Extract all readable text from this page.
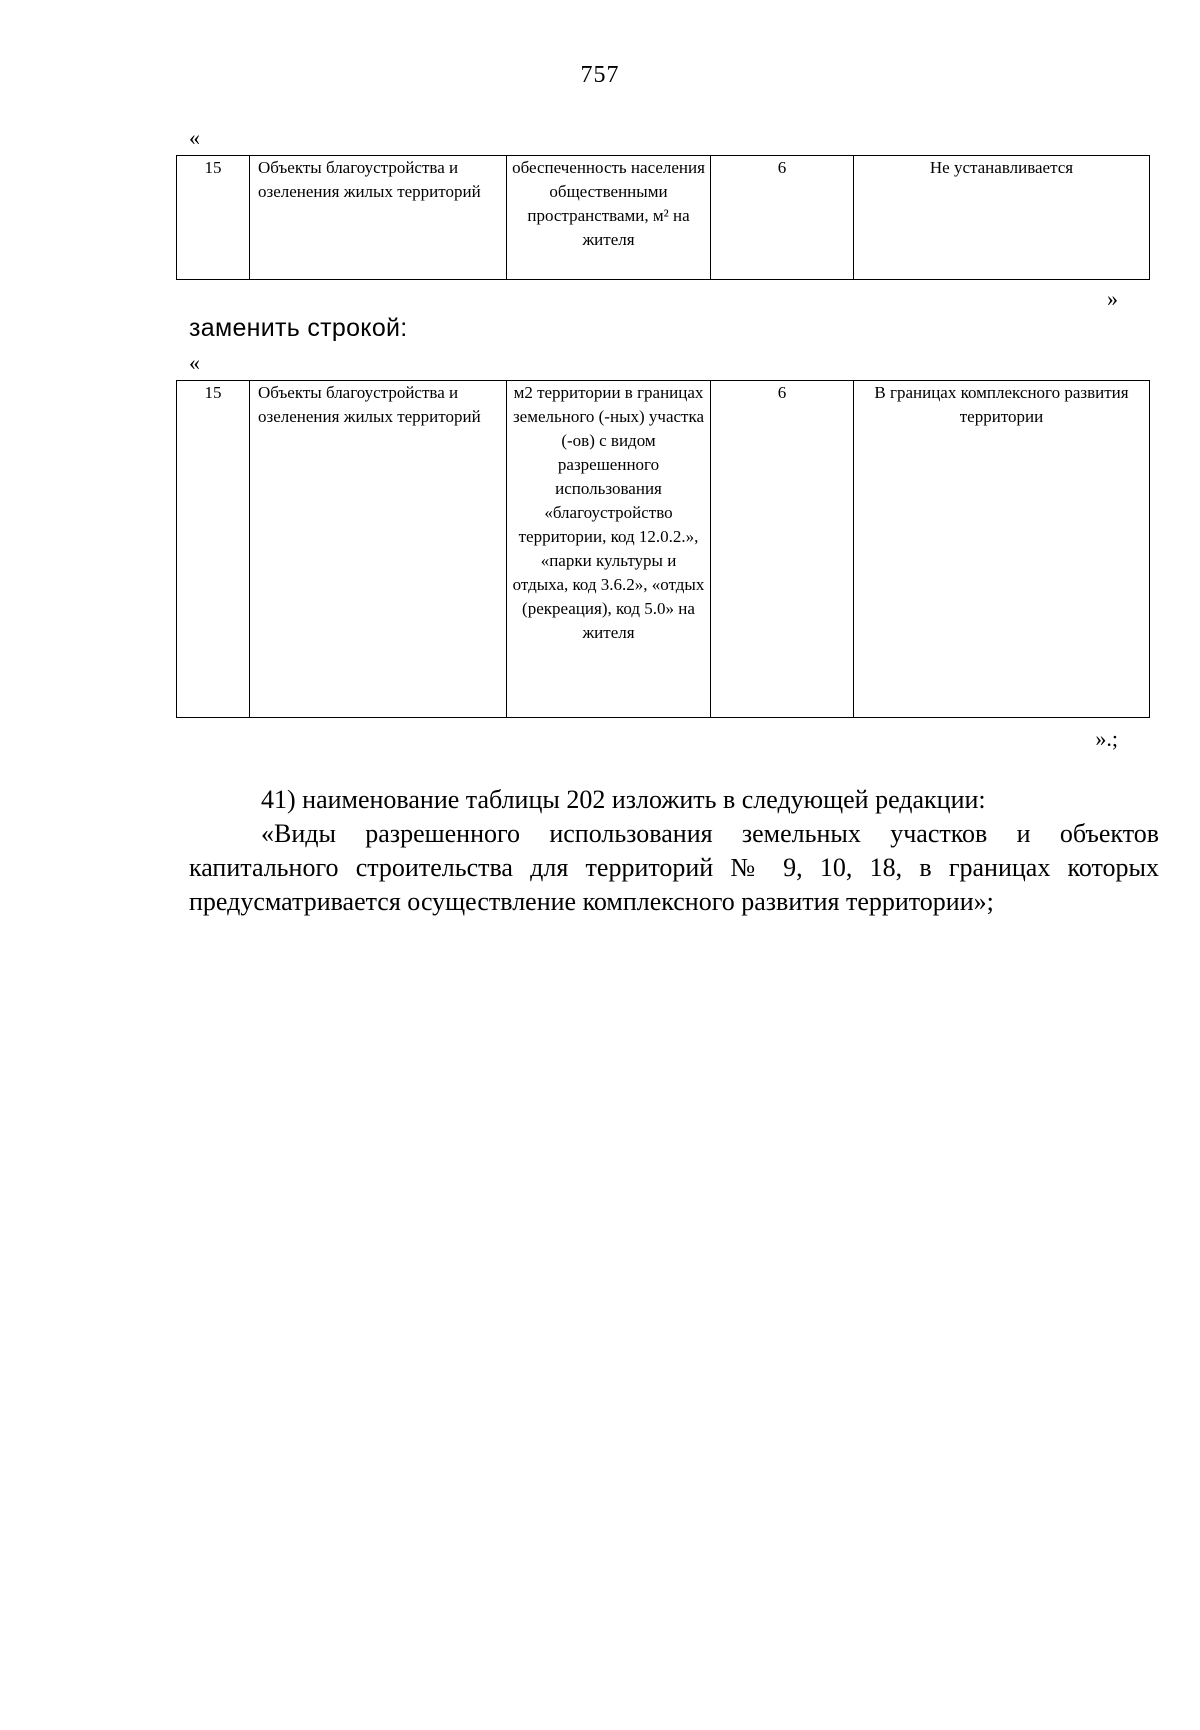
757
«
15	Объекты благоустройства и озеленения жилых территорий	обеспеченность населения общественными пространствами, м² на жителя	6	Не устанавливается
»
заменить строкой:
«
15	Объекты благоустройства и озеленения жилых территорий	м2 территории в границах земельного (-ных) участка (-ов) с видом разрешенного использования «благоустройство территории, код 12.0.2.», «парки культуры и отдыха, код 3.6.2», «отдых (рекреация), код 5.0» на жителя	6	В границах комплексного развития территории
».;

41) наименование таблицы 202 изложить в следующей редакции:

«Виды разрешенного использования земельных участков и объектов капитального строительства для территорий № 9, 10, 18, в границах которых предусматривается осуществление комплексного развития территории»;
